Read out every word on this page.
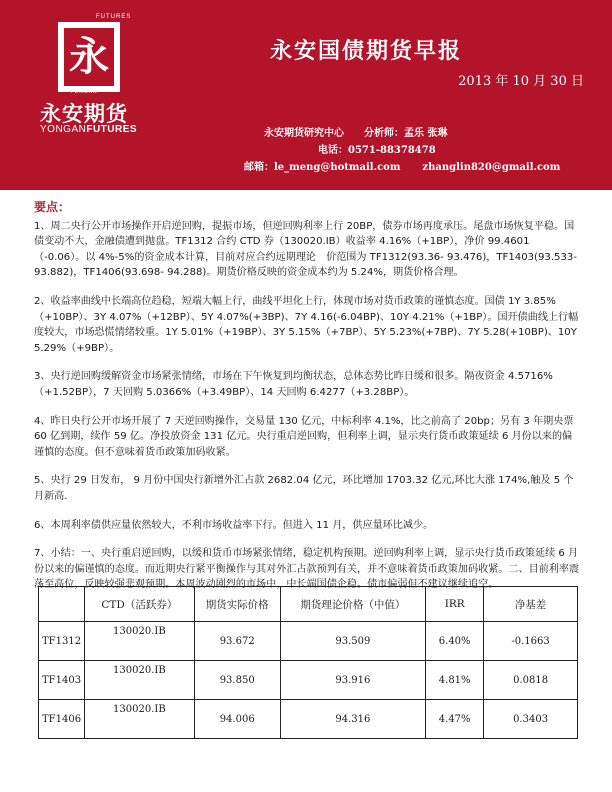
永
FUTURES
YONGAN
永安期货
YONGANFUTURES
永安国债期货早报
2013 年 10 月 30 日
永安期货研究中心　　分析师：孟乐 张琳
电话：0571-88378478
邮箱：le_meng@hotmail.com zhanglin820@gmail.com
要点：

1、周二央行公开市场操作开启逆回购，提振市场，但逆回购利率上行 20BP，债券市场再度承压。尾盘市场恢复平稳。国债变动不大，金融债遭到抛盘。TF1312 合约 CTD 券（130020.IB）收益率 4.16%（+1BP），净价 99.4601（-0.06）。以 4%-5%的资金成本计算，目前对应合约远期理论　价范围为 TF1312(93.36- 93.476)，TF1403(93.533-93.882)，TF1406(93.698- 94.288)。期货价格反映的资金成本约为 5.24%，期货价格合理。

2、收益率曲线中长端高位趋稳，短端大幅上行，曲线平坦化上行，体现市场对货币政策的谨慎态度。国债 1Y 3.85%（+10BP）、3Y 4.07%（+12BP）、5Y 4.07%(+3BP)、7Y 4.16(-6.04BP)、10Y 4.21%（+1BP）。国开债曲线上行幅度较大，市场恐慌情绪较重。1Y 5.01%（+19BP）、3Y 5.15%（+7BP）、5Y 5.23%(+7BP)、7Y 5.28(+10BP)、10Y 5.29%（+9BP）。

3、央行逆回购缓解资金市场紧张情绪，市场在下午恢复到均衡状态，总体态势比昨日缓和很多。隔夜资金 4.5716%（+1.52BP），7 天回购 5.0366%（+3.49BP）、14 天回购 6.4277（+3.28BP）。

4、昨日央行公开市场开展了 7 天逆回购操作，交易量 130 亿元，中标利率 4.1%，比之前高了 20bp；另有 3 年期央票 60 亿到期，续作 59 亿。净投放资金 131 亿元。央行重启逆回购，但利率上调，显示央行货币政策延续 6 月份以来的偏谨慎的态度。但不意味着货币政策加码收紧。

5、央行 29 日发布， 9 月份中国央行新增外汇占款 2682.04 亿元，环比增加 1703.32 亿元,环比大涨 174%,触及 5 个月新高.

6、本周利率债供应量依然较大，不利市场收益率下行。但进入 11 月，供应量环比减少。

7、小结：一、央行重启逆回购，以缓和货币市场紧张情绪，稳定机构预期。逆回购利率上调，显示央行货币政策延续 6 月份以来的偏谨慎的态度。而近期央行紧平衡操作与其对外汇占款预判有关，并不意味着货币政策加码收紧。二、目前利率震荡至高位，反映较强悲观预期。本周波动剧烈的市场中，中长端国债企稳。债市偏弱但不建议继续追空。

	CTD（活跃券）	期货实际价格	期货理论价格（中值）	IRR	净基差
TF1312	130020.IB	93.672	93.509	6.40%	-0.1663
TF1403	130020.IB	93.850	93.916	4.81%	0.0818
TF1406	130020.IB	94.006	94.316	4.47%	0.3403
